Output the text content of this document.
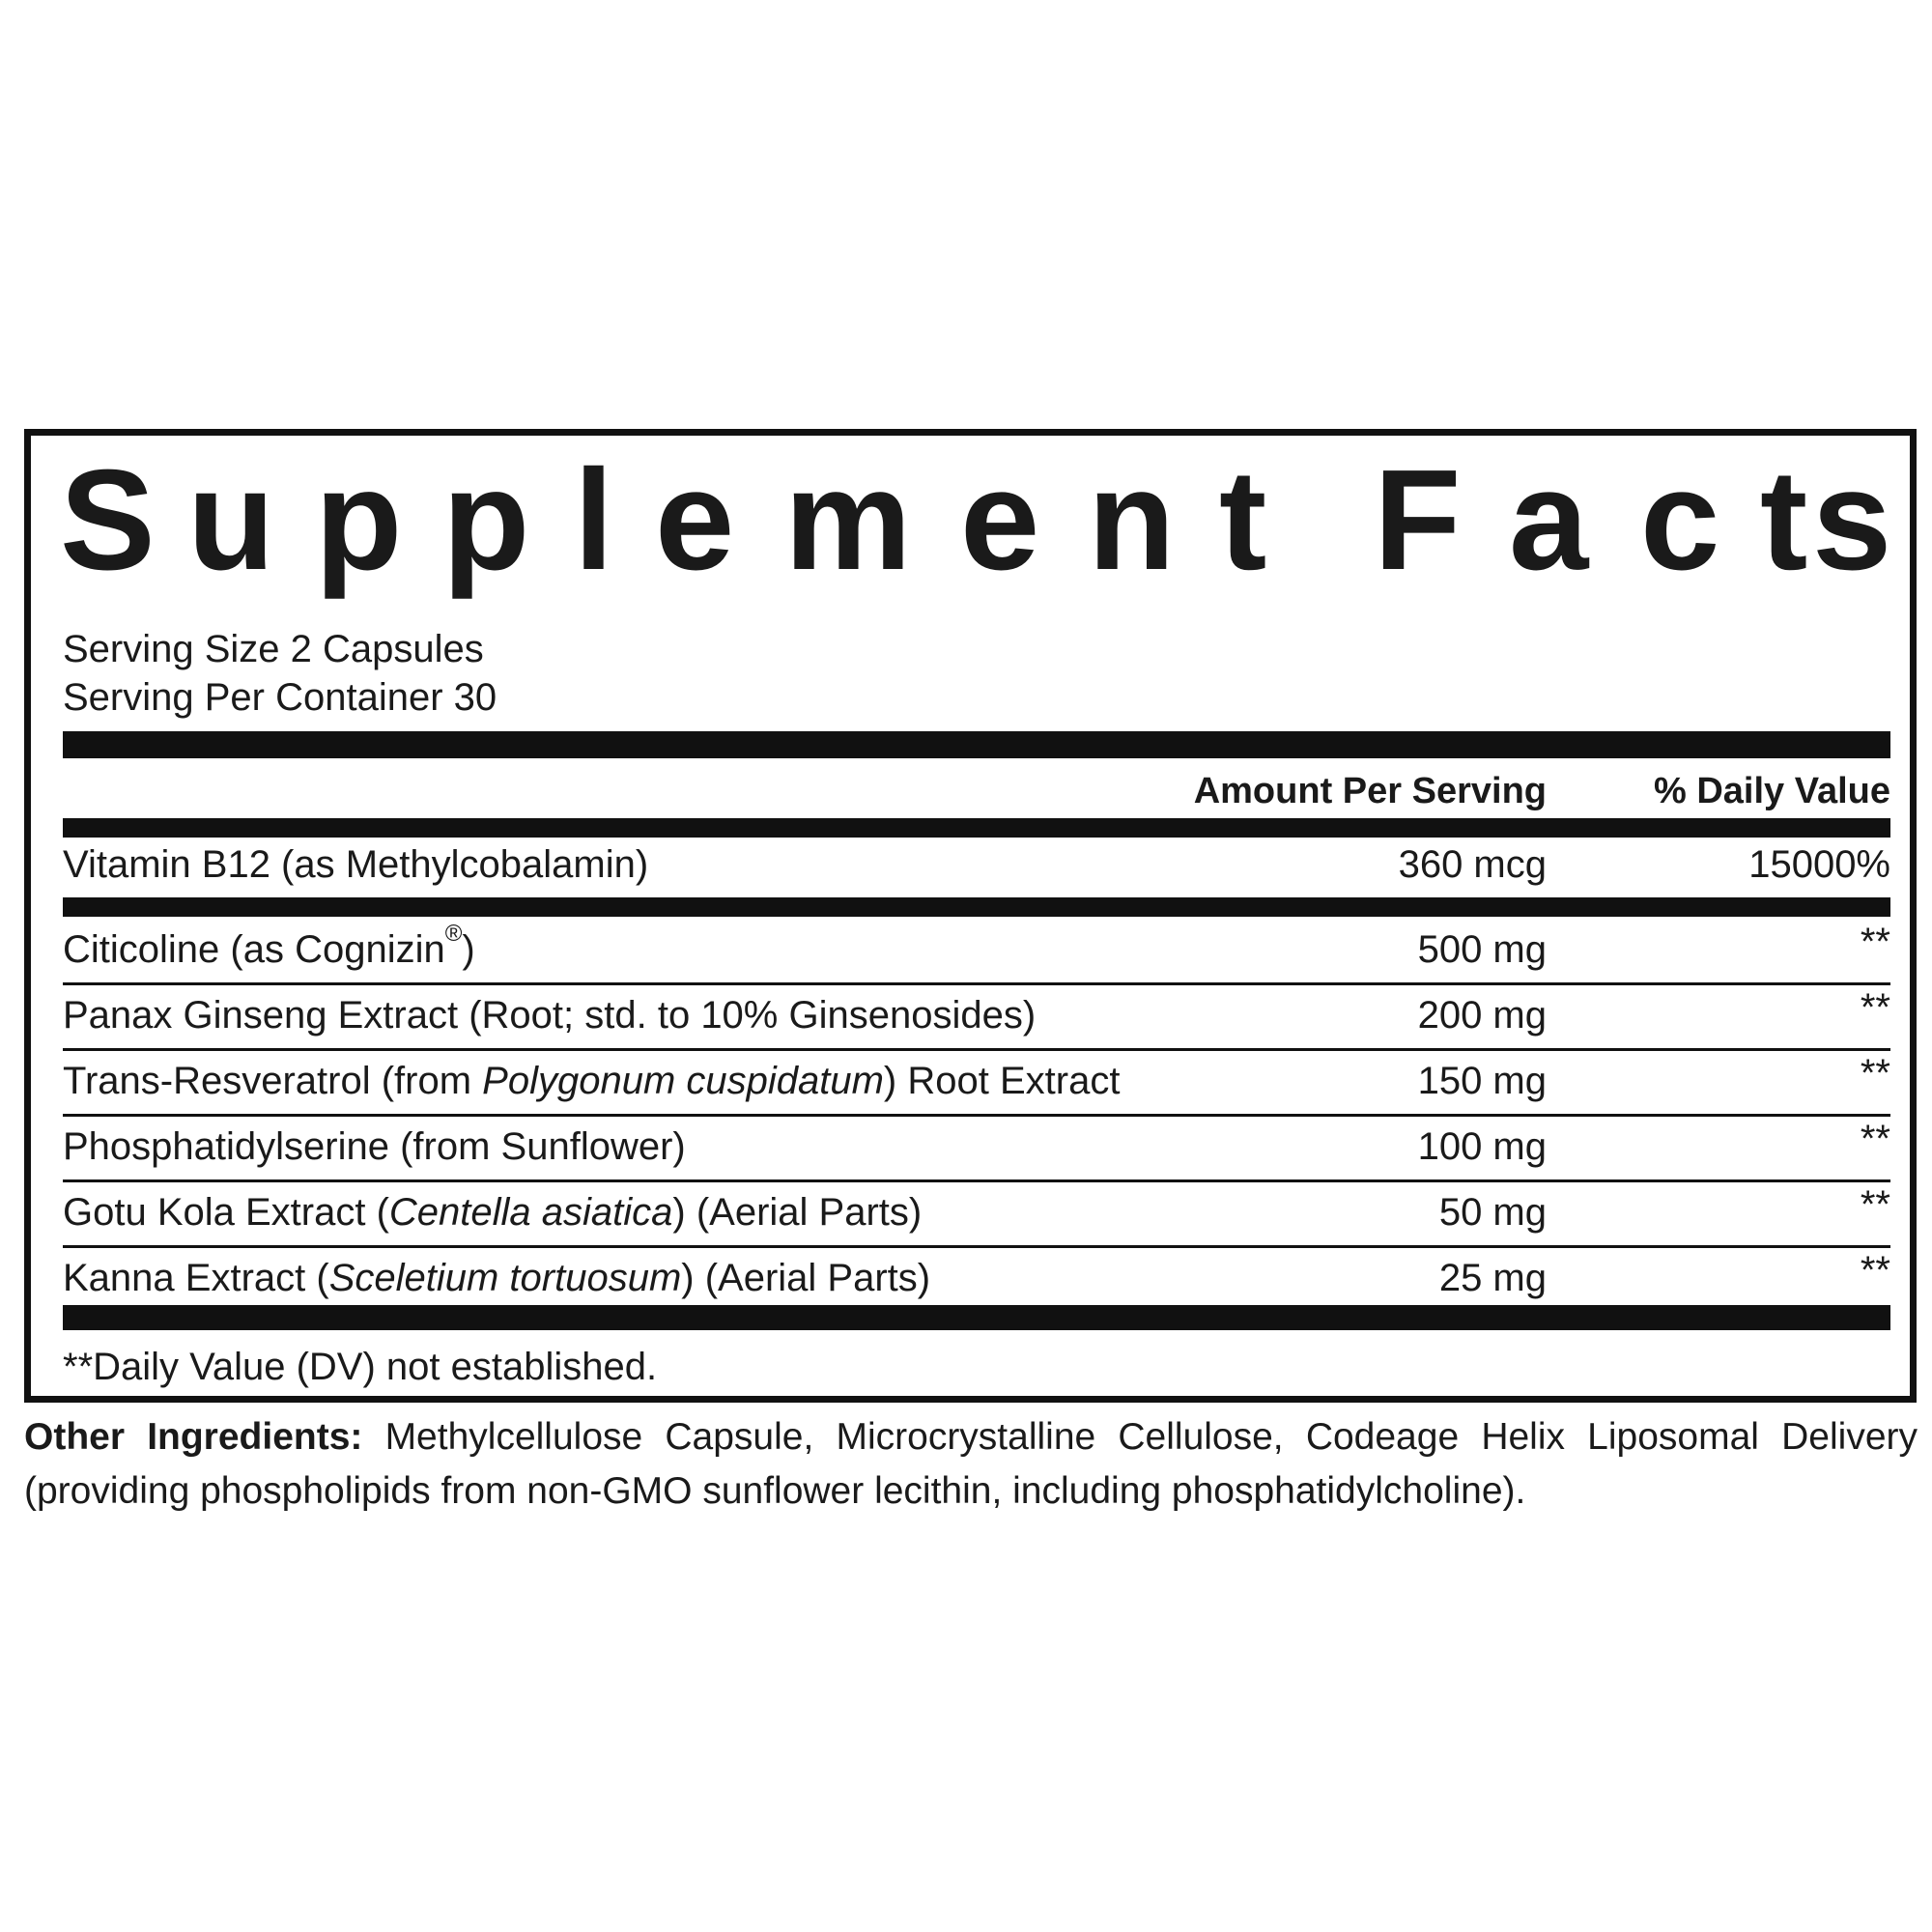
S u p p l e m e n t F a c t s
Serving Size 2 Capsules
Serving Per Container 30
Amount Per Serving	% Daily Value
Vitamin B12 (as Methylcobalamin)	360 mcg	15000%
Citicoline (as Cognizin®)	500 mg	**
Panax Ginseng Extract (Root; std. to 10% Ginsenosides)	200 mg	**
Trans-Resveratrol (from Polygonum cuspidatum) Root Extract	150 mg	**
Phosphatidylserine (from Sunflower)	100 mg	**
Gotu Kola Extract (Centella asiatica) (Aerial Parts)	50 mg	**
Kanna Extract (Sceletium tortuosum) (Aerial Parts)	25 mg	**
**Daily Value (DV) not established.
Other Ingredients: Methylcellulose Capsule, Microcrystalline Cellulose, Codeage Helix Liposomal Delivery (providing phospholipids from non-GMO sunflower lecithin, including phosphatidylcholine).
